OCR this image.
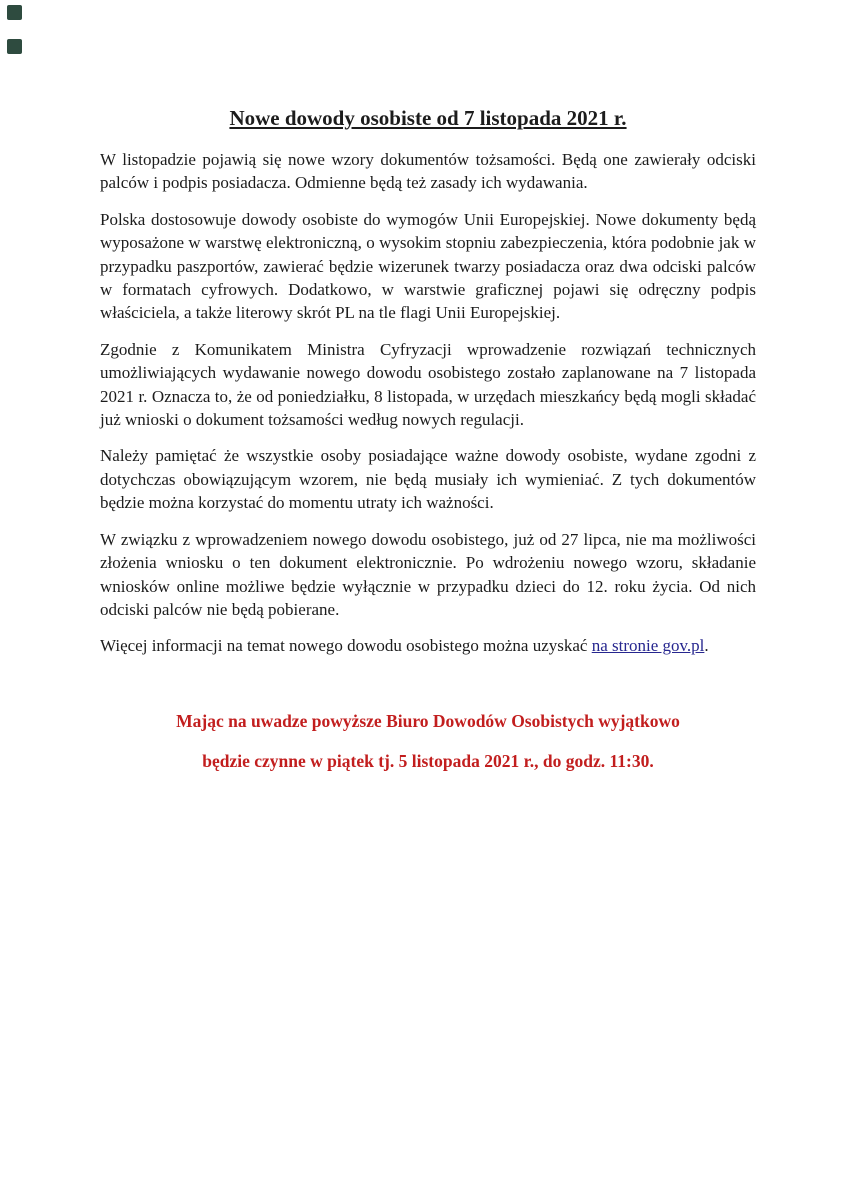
Nowe dowody osobiste od 7 listopada 2021 r.

W listopadzie pojawią się nowe wzory dokumentów tożsamości. Będą one zawierały odciski palców i podpis posiadacza. Odmienne będą też zasady ich wydawania.

Polska dostosowuje dowody osobiste do wymogów Unii Europejskiej. Nowe dokumenty będą wyposażone w warstwę elektroniczną, o wysokim stopniu zabezpieczenia, która podobnie jak w przypadku paszportów, zawierać będzie wizerunek twarzy posiadacza oraz dwa odciski palców w formatach cyfrowych. Dodatkowo, w warstwie graficznej pojawi się odręczny podpis właściciela, a także literowy skrót PL na tle flagi Unii Europejskiej.

Zgodnie z Komunikatem Ministra Cyfryzacji wprowadzenie rozwiązań technicznych umożliwiających wydawanie nowego dowodu osobistego zostało zaplanowane na 7 listopada 2021 r. Oznacza to, że od poniedziałku, 8 listopada, w urzędach mieszkańcy będą mogli składać już wnioski o dokument tożsamości według nowych regulacji.

Należy pamiętać że wszystkie osoby posiadające ważne dowody osobiste, wydane zgodni z dotychczas obowiązującym wzorem, nie będą musiały ich wymieniać. Z tych dokumentów będzie można korzystać do momentu utraty ich ważności.

W związku z wprowadzeniem nowego dowodu osobistego, już od 27 lipca, nie ma możliwości złożenia wniosku o ten dokument elektronicznie. Po wdrożeniu nowego wzoru, składanie wniosków online możliwe będzie wyłącznie w przypadku dzieci do 12. roku życia. Od nich odciski palców nie będą pobierane.

Więcej informacji na temat nowego dowodu osobistego można uzyskać na stronie gov.pl.

Mając na uwadze powyższe Biuro Dowodów Osobistych wyjątkowo

będzie czynne w piątek tj. 5 listopada 2021 r., do godz. 11:30.
